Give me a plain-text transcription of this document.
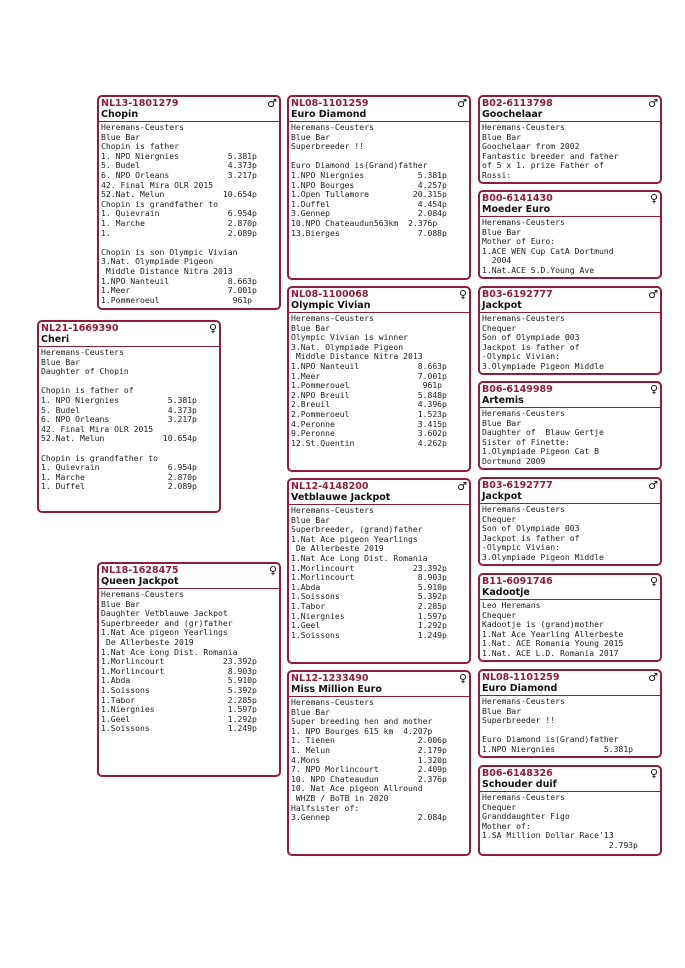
NL13-1801279
Chopin
♂
Heremans-Ceusters
Blue Bar
Chopin is father
1. NPO Niergnies          5.381p
5. Budel                  4.373p
6. NPO Orleans            3.217p
42. Final Mira OLR 2015
52.Nat. Melun            10.654p
Chopin is grandfather to
1. Quievrain              6.954p
1. Marche                 2.870p
1.                        2.089p

Chopin is son Olympic Vivian
3.Nat. Olympiade Pigeon
Middle Distance Nitra 2013
1.NPO Nanteuil            8.663p
1.Meer                    7.001p
1.Pommeroeul               961p
NL21-1669390
Cheri
♀
Heremans-Ceusters
Blue Bar
Daughter of Chopin

Chopin is father of
1. NPO Niergnies          5.381p
5. Budel                  4.373p
6. NPO Orleans            3.217p
42. Final Mira OLR 2015
52.Nat. Melun            10.654p

Chopin is grandfather to
1. Quievrain              6.954p
1. Marche                 2.870p
1. Duffel                 2.089p
NL18-1628475
Queen Jackpot
♀
Heremans-Ceusters
Blue Bar
Daughter Vetblauwe Jackpot
Superbreeder and (gr)father
1.Nat Ace pigeon Yearlings
De Allerbeste 2019
1.Nat Ace Long Dist. Romania
1.Morlincourt            23.392p
1.Morlincourt             8.903p
1.Abda                    5.910p
1.Soissons                5.392p
1.Tabor                   2.285p
1.Niergnies               1.597p
1.Geel                    1.292p
1.Soissons                1.249p
NL08-1101259
Euro Diamond
♂
Heremans-Ceusters
Blue Bar
Superbreeder !!

Euro Diamond is(Grand)father
1.NPO Niergnies           5.381p
1.NPO Bourges             4.257p
1.Open Tullamore         20.315p
1.Duffel                  4.454p
3.Gennep                  2.084p
10.NPO Chateaudun563km  2.376p
13.Bierges                7.088p
NL08-1100068
Olympic Vivian
♀
Heremans-Ceusters
Blue Bar
Olympic Vivian is winner
3.Nat. Olympiade Pigeon
Middle Distance Nitra 2013
1.NPO Nanteuil            8.663p
1.Meer                    7.001p
1.Pommerouel               961p
2.NPO Breuil              5.848p
2.Breuil                  4.396p
2.Pommeroeul              1.523p
4.Peronne                 3.415p
9.Peronne                 3.602p
12.St.Quentin             4.262p
NL12-4148200
Vetblauwe Jackpot
♂
Heremans-Ceusters
Blue Bar
Superbreeder, (grand)father
1.Nat Ace pigeon Yearlings
De Allerbeste 2019
1.Nat Ace Long Dist. Romania
1.Morlincourt            23.392p
1.Morlincourt             8.903p
1.Abda                    5.910p
1.Soissons                5.392p
1.Tabor                   2.285p
1.Niergnies               1.597p
1.Geel                    1.292p
1.Soissons                1.249p
NL12-1233490
Miss Million Euro
♀
Heremans-Ceusters
Blue Bar
Super breeding hen and mother
1. NPO Bourges 615 km  4.207p
1. Tienen                 2.006p
1. Melun                  2.179p
4.Mons                    1.320p
7. NPO Morlincourt        2.409p
10. NPO Chateaudun        2.376p
10. Nat Ace pigeon Allround
WHZB / BoTB in 2020
Halfsister of:
3.Gennep                  2.084p
B02-6113798
Goochelaar
♂
Heremans-Ceusters
Blue Bar
Goochelaar from 2002
Fantastic breeder and father
of 5 x 1. prize Father of
Rossi:
B00-6141430
Moeder Euro
♀
Heremans-Ceusters
Blue Bar
Mother of Euro:
1.ACE WEN Cup CatA Dortmund
2004
1.Nat.ACE S.D.Young Ave
B03-6192777
Jackpot
♂
Heremans-Ceusters
Chequer
Son of Olympiade 003
Jackpot is father of
-Olympic Vivian:
3.Olympiade Pigeon Middle
B06-6149989
Artemis
♀
Heremans-Ceusters
Blue Bar
Daughter of  Blauw Gertje
Sister of Finette:
1.Olympiade Pigeon Cat B
Dortmund 2009
B03-6192777
Jackpot
♂
Heremans-Ceusters
Chequer
Son of Olympiade 003
Jackpot is father of
-Olympic Vivian:
3.Olympiade Pigeon Middle
B11-6091746
Kadootje
♀
Leo Heremans
Chequer
Kadootje is (grand)mother
1.Nat Ace Yearling Allerbeste
1.Nat. ACE Romania Young 2015
1.Nat. ACE L.D. Romania 2017
NL08-1101259
Euro Diamond
♂
Heremans-Ceusters
Blue Bar
Superbreeder !!

Euro Diamond is(Grand)father
1.NPO Niergnies          5.381p
B06-6148326
Schouder duif
♀
Heremans-Ceusters
Chequer
Granddaughter Figo
Mother of:
1.SA Million Dollar Race'13
2.793p
